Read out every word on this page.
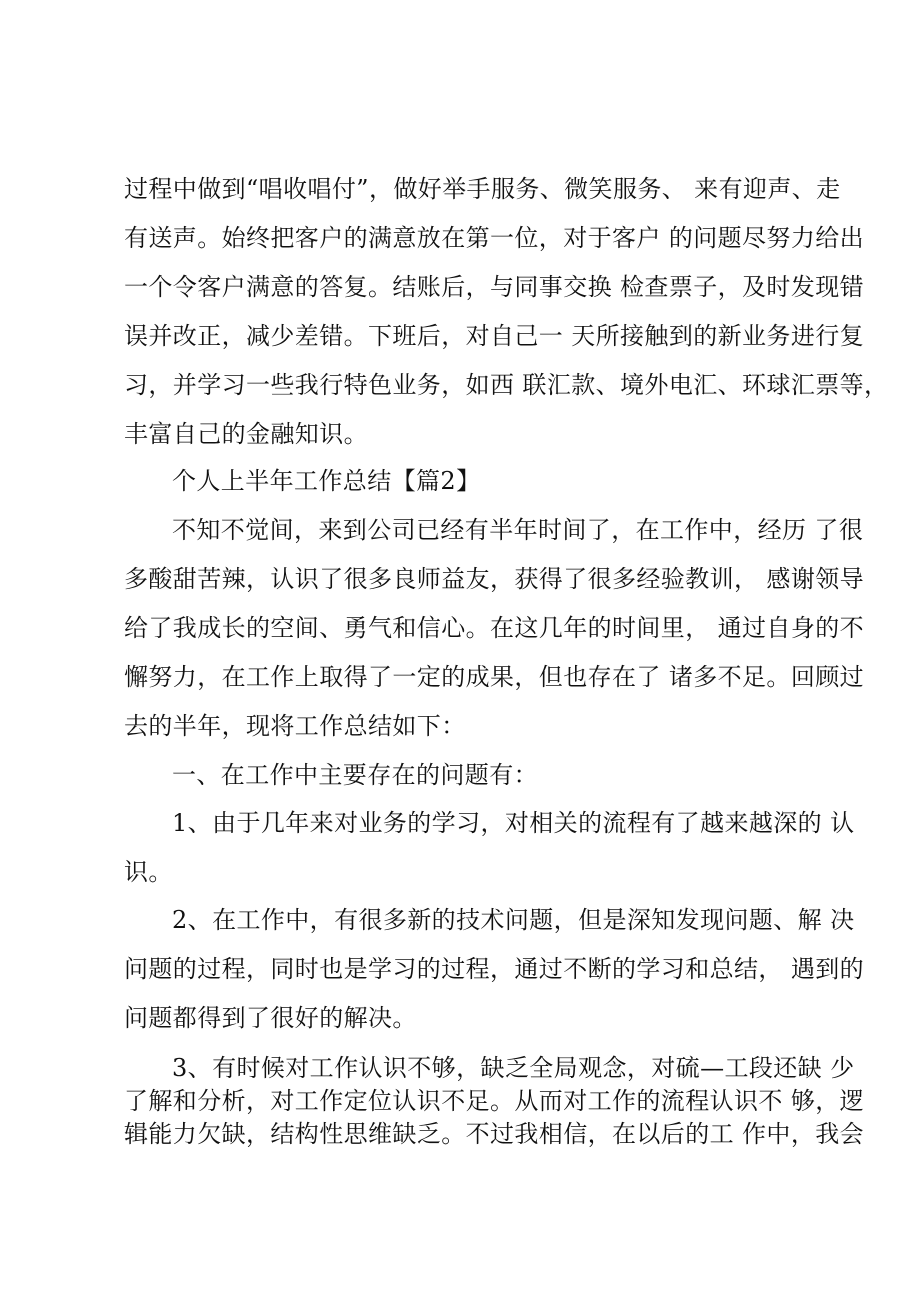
过程中做到“唱收唱付”，做好举手服务、微笑服务、 来有迎声、走
有送声。始终把客户的满意放在第一位，对于客户 的问题尽努力给出
一个令客户满意的答复。结账后，与同事交换 检查票子，及时发现错
误并改正，减少差错。下班后，对自己一 天所接触到的新业务进行复
习，并学习一些我行特色业务，如西 联汇款、境外电汇、环球汇票等，
丰富自己的金融知识。
个人上半年工作总结【篇2】
不知不觉间，来到公司已经有半年时间了，在工作中，经历 了很
多酸甜苦辣，认识了很多良师益友，获得了很多经验教训， 感谢领导
给了我成长的空间、勇气和信心。在这几年的时间里， 通过自身的不
懈努力，在工作上取得了一定的成果，但也存在了 诸多不足。回顾过
去的半年，现将工作总结如下：
一、在工作中主要存在的问题有：
1、由于几年来对业务的学习，对相关的流程有了越来越深的 认
识。
2、在工作中，有很多新的技术问题，但是深知发现问题、解 决
问题的过程，同时也是学习的过程，通过不断的学习和总结， 遇到的
问题都得到了很好的解决。
3、有时候对工作认识不够，缺乏全局观念，对硫—工段还缺 少
了解和分析，对工作定位认识不足。从而对工作的流程认识不 够，逻
辑能力欠缺，结构性思维缺乏。不过我相信，在以后的工 作中，我会
